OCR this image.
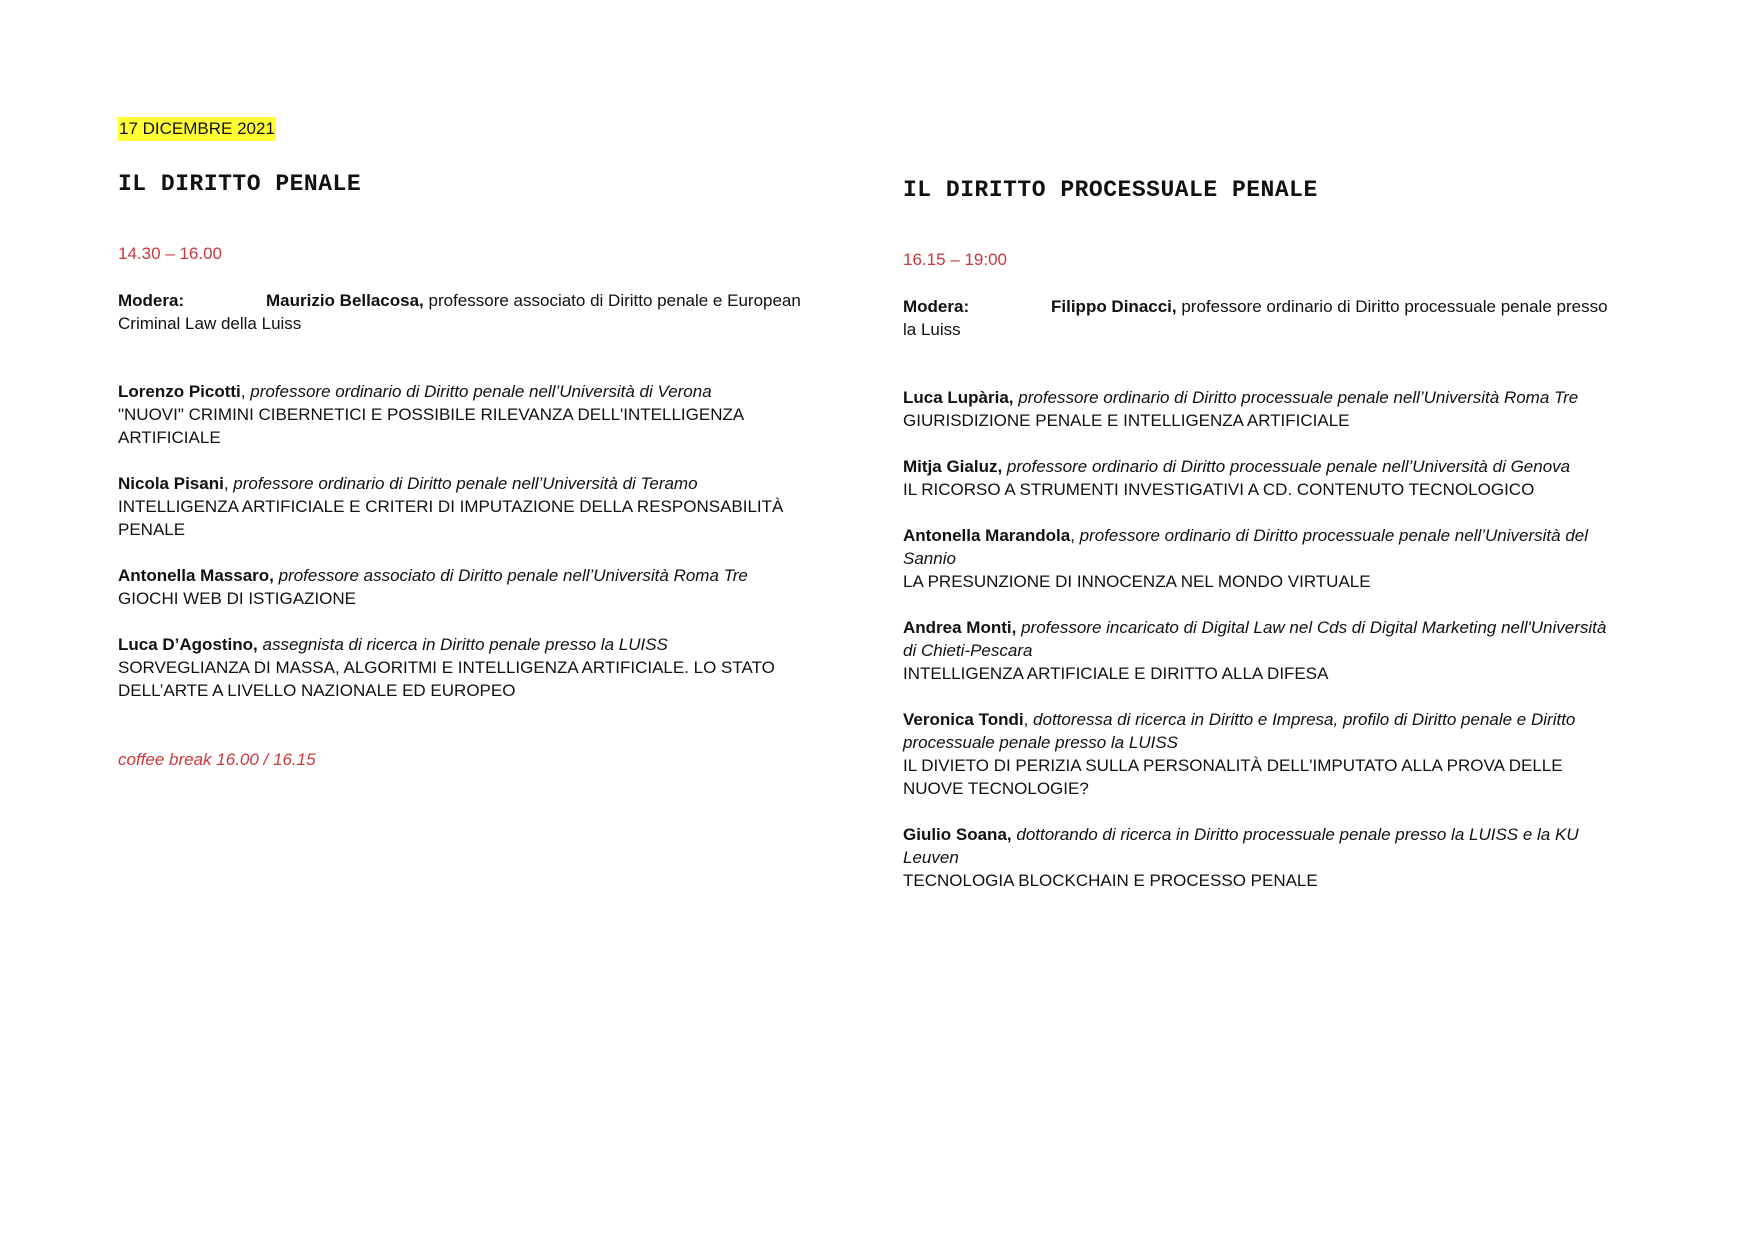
17 DICEMBRE 2021
IL DIRITTO PENALE
14.30 – 16.00
Modera:	Maurizio Bellacosa, professore associato di Diritto penale e European Criminal Law della Luiss
Lorenzo Picotti, professore ordinario di Diritto penale nell’Università di Verona
"NUOVI" CRIMINI CIBERNETICI E POSSIBILE RILEVANZA DELL'INTELLIGENZA ARTIFICIALE
Nicola Pisani, professore ordinario di Diritto penale nell’Università di Teramo
INTELLIGENZA ARTIFICIALE E CRITERI DI IMPUTAZIONE DELLA RESPONSABILITÀ PENALE
Antonella Massaro, professore associato di Diritto penale nell’Università Roma Tre
GIOCHI WEB DI ISTIGAZIONE
Luca D’Agostino, assegnista di ricerca in Diritto penale presso la LUISS
SORVEGLIANZA DI MASSA, ALGORITMI E INTELLIGENZA ARTIFICIALE. LO STATO DELL’ARTE A LIVELLO NAZIONALE ED EUROPEO
coffee break 16.00 / 16.15
IL DIRITTO PROCESSUALE PENALE
16.15 – 19:00
Modera:	Filippo Dinacci, professore ordinario di Diritto processuale penale presso la Luiss
Luca Lupària, professore ordinario di Diritto processuale penale nell’Università Roma Tre
GIURISDIZIONE PENALE E INTELLIGENZA ARTIFICIALE
Mitja Gialuz, professore ordinario di Diritto processuale penale nell’Università di Genova
IL RICORSO A STRUMENTI INVESTIGATIVI A CD. CONTENUTO TECNOLOGICO
Antonella Marandola, professore ordinario di Diritto processuale penale nell’Università del Sannio
LA PRESUNZIONE DI INNOCENZA NEL MONDO VIRTUALE
Andrea Monti, professore incaricato di Digital Law nel Cds di Digital Marketing nell'Università di Chieti-Pescara
INTELLIGENZA ARTIFICIALE E DIRITTO ALLA DIFESA
Veronica Tondi, dottoressa di ricerca in Diritto e Impresa, profilo di Diritto penale e Diritto processuale penale presso la LUISS
IL DIVIETO DI PERIZIA SULLA PERSONALITÀ DELL'IMPUTATO ALLA PROVA DELLE NUOVE TECNOLOGIE?
Giulio Soana, dottorando di ricerca in Diritto processuale penale presso la LUISS e la KU Leuven
TECNOLOGIA BLOCKCHAIN E PROCESSO PENALE
